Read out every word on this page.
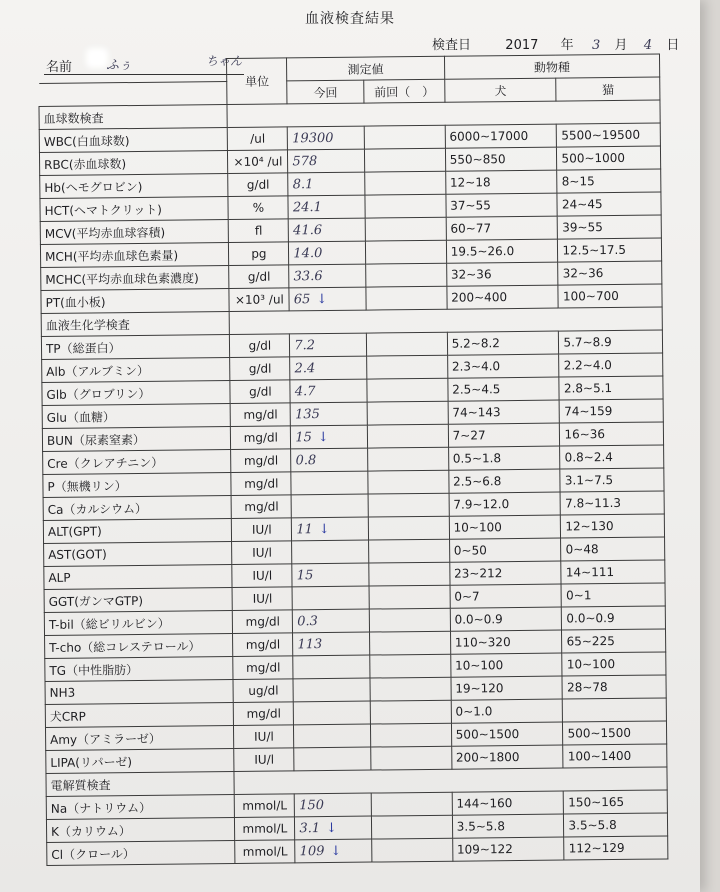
血液検査結果
検査日	2017 年 3 月 4 日
名前	ふぅ	ちゃん
	単位	測定値		動物種	
		今回	前回（　）	犬	猫
血球数検査					
WBC(白血球数)	/ul	19300		6000~17000	5500~19500
RBC(赤血球数)	×10⁴ /ul	578		550~850	500~1000
Hb(ヘモグロビン)	g/dl	8.1		12~18	8~15
HCT(ヘマトクリット)	%	24.1		37~55	24~45
MCV(平均赤血球容積)	fl	41.6		60~77	39~55
MCH(平均赤血球色素量)	pg	14.0		19.5~26.0	12.5~17.5
MCHC(平均赤血球色素濃度)	g/dl	33.6		32~36	32~36
PT(血小板)	×10³ /ul	65 ↓		200~400	100~700
血液生化学検査					
TP（総蛋白）	g/dl	7.2		5.2~8.2	5.7~8.9
Alb（アルブミン）	g/dl	2.4		2.3~4.0	2.2~4.0
Glb（グロブリン）	g/dl	4.7		2.5~4.5	2.8~5.1
Glu（血糖）	mg/dl	135		74~143	74~159
BUN（尿素窒素）	mg/dl	15 ↓		7~27	16~36
Cre（クレアチニン）	mg/dl	0.8		0.5~1.8	0.8~2.4
P（無機リン）	mg/dl			2.5~6.8	3.1~7.5
Ca（カルシウム）	mg/dl			7.9~12.0	7.8~11.3
ALT(GPT)	IU/l	11 ↓		10~100	12~130
AST(GOT)	IU/l			0~50	0~48
ALP	IU/l	15		23~212	14~111
GGT(ガンマGTP)	IU/l			0~7	0~1
T-bil（総ビリルビン）	mg/dl	0.3		0.0~0.9	0.0~0.9
T-cho（総コレステロール）	mg/dl	113		110~320	65~225
TG（中性脂肪）	mg/dl			10~100	10~100
NH3	ug/dl			19~120	28~78
犬CRP	mg/dl			0~1.0	
Amy（アミラーゼ）	IU/l			500~1500	500~1500
LIPA(リパーゼ)	IU/l			200~1800	100~1400
電解質検査					
Na（ナトリウム）	mmol/L	150		144~160	150~165
K（カリウム）	mmol/L	3.1 ↓		3.5~5.8	3.5~5.8
Cl（クロール）	mmol/L	109 ↓		109~122	112~129
